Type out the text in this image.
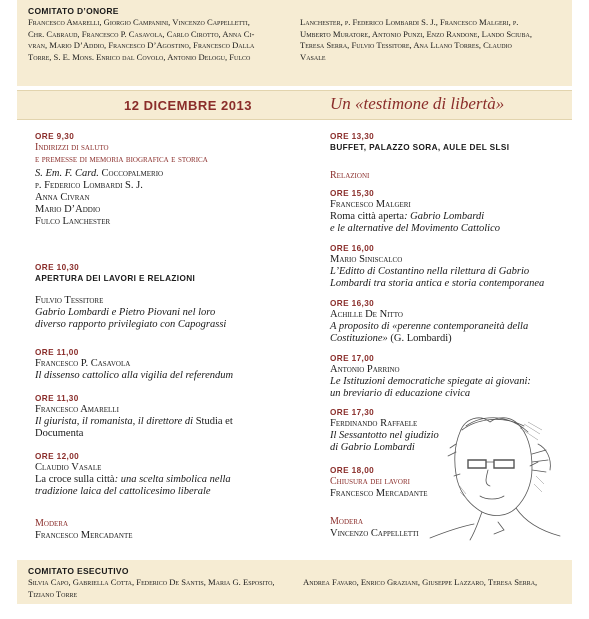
COMITATO D’ONORE
Francesco Amarelli, Giorgio Campanini, Vincenzo Cappelletti,
Chr. Cabraud, Francesco P. Casavola, Carlo Cirotto, Anna Ci-
vran, Mario D’Addio, Francesco D’Agostino, Francesco Dalla
Torre, S. E. Mons. Enrico dal Covolo, Antonio Delogu, Fulco
Lanchester, p. Federico Lombardi S. J., Francesco Malgeri, p.
Umberto Muratore, Antonio Punzi, Enzo Randone, Lando Sciuba,
Teresa Serra, Fulvio Tessitore, Ana Llano Torres, Claudio
Vasale
12 DICEMBRE 2013	Un «testimone di libertà»
ORE 9,30
Indirizzi di saluto
e premesse di memoria biografica e storica
S. Em. F. Card. Coccopalmerio
p. Federico Lombardi S. J.
Anna Civran
Mario D’Addio
Fulco Lanchester
ORE 10,30
APERTURA DEI LAVORI E RELAZIONI
Fulvio Tessitore
Gabrio Lombardi e Pietro Piovani nel loro
diverso rapporto privilegiato con Capograssi
ORE 11,00
Francesco P. Casavola
Il dissenso cattolico alla vigilia del referendum
ORE 11,30
Francesco Amarelli
Il giurista, il romanista, il direttore di Studia et
Documenta
ORE 12,00
Claudio Vasale
La croce sulla città: una scelta simbolica nella
tradizione laica del cattolicesimo liberale
Modera
Francesco Mercadante
ORE 13,30
BUFFET, PALAZZO SORA, AULE DEL SLSI
Relazioni
ORE 15,30
Francesco Malgeri
Roma città aperta: Gabrio Lombardi
e le alternative del Movimento Cattolico
ORE 16,00
Mario Siniscalco
L’Editto di Costantino nella rilettura di Gabrio
Lombardi tra storia antica e storia contemporanea
ORE 16,30
Achille De Nitto
A proposito di «perenne contemporaneità della
Costituzione» (G. Lombardi)
ORE 17,00
Antonio Parrino
Le Istituzioni democratiche spiegate ai giovani:
un breviario di educazione civica
ORE 17,30
Ferdinando Raffaele
Il Sessantotto nel giudizio
di Gabrio Lombardi
ORE 18,00
Chiusura dei lavori
Francesco Mercadante
Modera
Vincenzo Cappelletti
COMITATO ESECUTIVO
Silvia Capo, Gabriella Cotta, Federico De Santis, Maria G. Esposito,
Tiziano Torre
Andrea Favaro, Enrico Graziani, Giuseppe Lazzaro, Teresa Serra,
